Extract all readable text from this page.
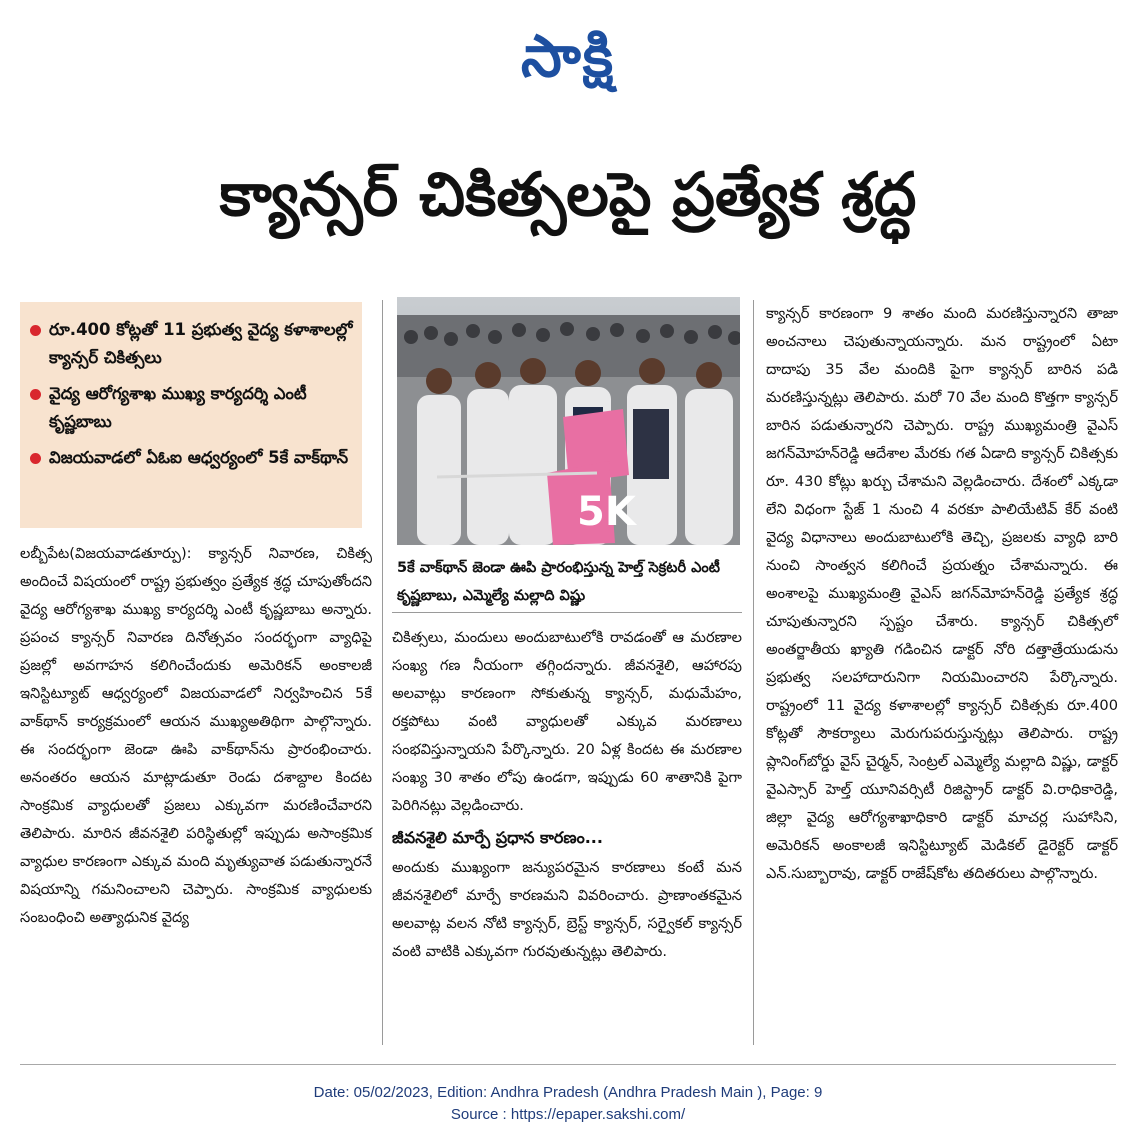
సాక్షి
క్యాన్సర్ చికిత్సలపై ప్రత్యేక శ్రద్ధ
రూ.400 కోట్లతో 11 ప్రభుత్వ వైద్య కళాశాలల్లో క్యాన్సర్ చికిత్సలు
వైద్య ఆరోగ్యశాఖ ముఖ్య కార్యదర్శి ఎంటీ కృష్ణబాబు
విజయవాడలో ఏఓఐ ఆధ్వర్యంలో 5కే వాక్‌థాన్
5K
5కే వాక్‌థాన్ జెండా ఊపి ప్రారంభిస్తున్న హెల్త్ సెక్రటరీ ఎంటీ కృష్ణబాబు, ఎమ్మెల్యే మల్లాది విష్ణు

లబ్బీపేట(విజయవాడతూర్పు): క్యాన్సర్ నివారణ, చికిత్స అందించే విషయంలో రాష్ట్ర ప్రభుత్వం ప్రత్యేక శ్రద్ధ చూపుతోందని వైద్య ఆరోగ్యశాఖ ముఖ్య కార్యదర్శి ఎంటీ కృష్ణబాబు అన్నారు. ప్రపంచ క్యాన్సర్ నివారణ దినోత్సవం సందర్భంగా వ్యాధిపై ప్రజల్లో అవగాహన కలిగించేందుకు అమెరికన్ అంకాలజీ ఇనిస్టిట్యూట్ ఆధ్వర్యంలో విజయవాడలో నిర్వహించిన 5కే వాక్‌థాన్ కార్యక్రమంలో ఆయన ముఖ్యఅతిథిగా పాల్గొన్నారు. ఈ సందర్భంగా జెండా ఊపి వాక్‌థాన్‌ను ప్రారంభించారు. అనంతరం ఆయన మాట్లాడుతూ రెండు దశాబ్దాల కిందట సాంక్రమిక వ్యాధులతో ప్రజలు ఎక్కువగా మరణించేవారని తెలిపారు. మారిన జీవనశైలి పరిస్థితుల్లో ఇప్పుడు అసాంక్రమిక వ్యాధుల కారణంగా ఎక్కువ మంది మృత్యువాత పడుతున్నారనే విషయాన్ని గమనించాలని చెప్పారు. సాంక్రమిక వ్యాధులకు సంబంధించి అత్యాధునిక వైద్య

చికిత్సలు, మందులు అందుబాటులోకి రావడంతో ఆ మరణాల సంఖ్య గణ నీయంగా తగ్గిందన్నారు. జీవనశైలి, ఆహారపు అలవాట్లు కారణంగా సోకుతున్న క్యాన్సర్, మధుమేహం, రక్తపోటు వంటి వ్యాధులతో ఎక్కువ మరణాలు సంభవిస్తున్నాయని పేర్కొన్నారు. 20 ఏళ్ల కిందట ఈ మరణాల సంఖ్య 30 శాతం లోపు ఉండగా, ఇప్పుడు 60 శాతానికి పైగా పెరిగినట్లు వెల్లడించారు.

జీవనశైలి మార్పే ప్రధాన కారణం...

అందుకు ముఖ్యంగా జన్యుపరమైన కారణాలు కంటే మన జీవనశైలిలో మార్పే కారణమని వివరించారు. ప్రాణాంతకమైన అలవాట్ల వలన నోటి క్యాన్సర్, బ్రెస్ట్ క్యాన్సర్, సర్వైకల్ క్యాన్సర్ వంటి వాటికి ఎక్కువగా గురవుతున్నట్లు తెలిపారు.

క్యాన్సర్ కారణంగా 9 శాతం మంది మరణిస్తున్నారని తాజా అంచనాలు చెపుతున్నాయన్నారు. మన రాష్ట్రంలో ఏటా దాదాపు 35 వేల మందికి పైగా క్యాన్సర్ బారిన పడి మరణిస్తున్నట్లు తెలిపారు. మరో 70 వేల మంది కొత్తగా క్యాన్సర్ బారిన పడుతున్నారని చెప్పారు. రాష్ట్ర ముఖ్యమంత్రి వైఎస్ జగన్‌మోహన్‌రెడ్డి ఆదేశాల మేరకు గత ఏడాది క్యాన్సర్ చికిత్సకు రూ. 430 కోట్లు ఖర్చు చేశామని వెల్లడించారు. దేశంలో ఎక్కడా లేని విధంగా స్టేజ్ 1 నుంచి 4 వరకూ పాలియేటివ్ కేర్ వంటి వైద్య విధానాలు అందుబాటులోకి తెచ్చి, ప్రజలకు వ్యాధి బారి నుంచి సాంత్వన కలిగించే ప్రయత్నం చేశామన్నారు. ఈ అంశాలపై ముఖ్యమంత్రి వైఎస్ జగన్‌మోహన్‌రెడ్డి ప్రత్యేక శ్రద్ధ చూపుతున్నారని స్పష్టం చేశారు. క్యాన్సర్ చికిత్సలో అంతర్జాతీయ ఖ్యాతి గడించిన డాక్టర్ నోరి దత్తాత్రేయుడును ప్రభుత్వ సలహాదారునిగా నియమించారని పేర్కొన్నారు. రాష్ట్రంలో 11 వైద్య కళాశాలల్లో క్యాన్సర్ చికిత్సకు రూ.400 కోట్లతో సౌకర్యాలు మెరుగుపరుస్తున్నట్లు తెలిపారు. రాష్ట్ర ప్లానింగ్‌బోర్డు వైస్ చైర్మన్, సెంట్రల్ ఎమ్మెల్యే మల్లాది విష్ణు, డాక్టర్ వైఎస్సార్ హెల్త్ యూనివర్సిటీ రిజిస్ట్రార్ డాక్టర్ వి.రాధికారెడ్డి, జిల్లా వైద్య ఆరోగ్యశాఖాధికారి డాక్టర్ మాచర్ల సుహాసిని, అమెరికన్ అంకాలజీ ఇనిస్టిట్యూట్ మెడికల్ డైరెక్టర్ డాక్టర్ ఎన్.సుబ్బారావు, డాక్టర్ రాజేష్‌కోట తదితరులు పాల్గొన్నారు.

Date: 05/02/2023, Edition: Andhra Pradesh (Andhra Pradesh Main ), Page: 9
Source : https://epaper.sakshi.com/
